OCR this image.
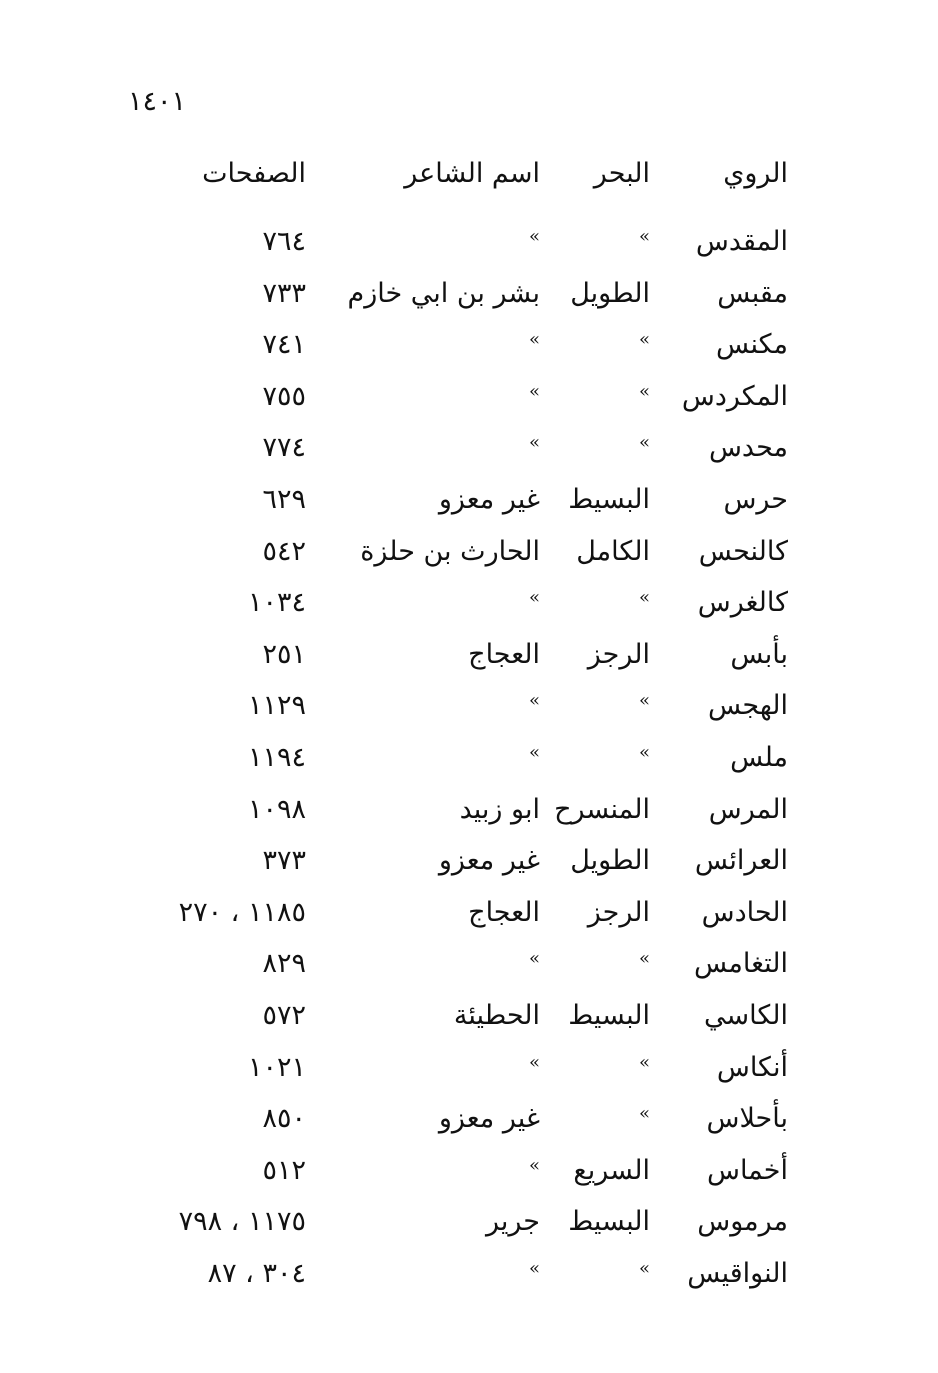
١٤٠١
الروي
البحر
اسم الشاعر
الصفحات
المقدس
»
»
٧٦٤
مقبس
الطويل
بشر بن ابي خازم
٧٣٣
مكنس
»
»
٧٤١
المكردس
»
»
٧٥٥
محدس
»
»
٧٧٤
حرس
البسيط
غير معزو
٦٢٩
كالنحس
الكامل
الحارث بن حلزة
٥٤٢
كالغرس
»
»
١٠٣٤
بأبس
الرجز
العجاج
٢٥١
الهجس
»
»
١١٢٩
ملس
»
»
١١٩٤
المرس
المنسرح
ابو زبيد
١٠٩٨
العرائس
الطويل
غير معزو
٣٧٣
الحادس
الرجز
العجاج
١١٨٥ ، ٢٧٠
التغامس
»
»
٨٢٩
الكاسي
البسيط
الحطيئة
٥٧٢
أنكاس
»
»
١٠٢١
بأحلاس
»
غير معزو
٨٥٠
أخماس
السريع
»
٥١٢
مرموس
البسيط
جرير
١١٧٥ ، ٧٩٨
النواقيس
»
»
٣٠٤ ، ٨٧
